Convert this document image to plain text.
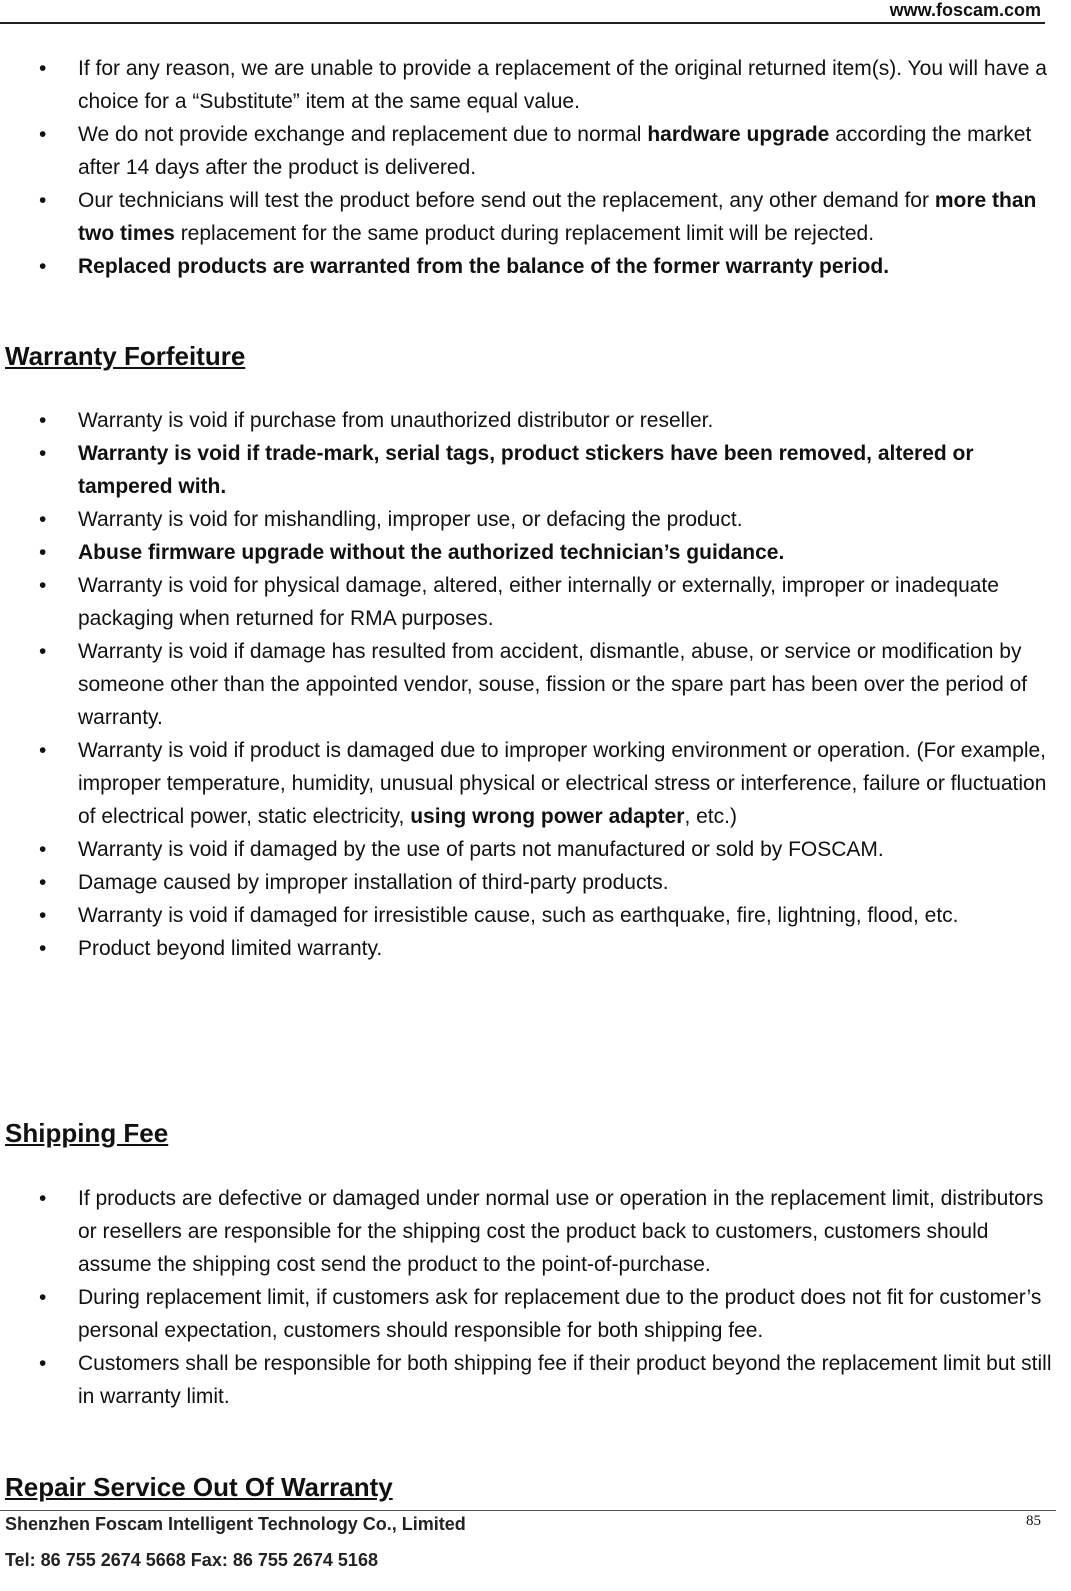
www.foscam.com
• If for any reason, we are unable to provide a replacement of the original returned item(s). You will have a choice for a “Substitute” item at the same equal value.
• We do not provide exchange and replacement due to normal hardware upgrade according the market after 14 days after the product is delivered.
• Our technicians will test the product before send out the replacement, any other demand for more than two times replacement for the same product during replacement limit will be rejected.
• Replaced products are warranted from the balance of the former warranty period.
Warranty Forfeiture
• Warranty is void if purchase from unauthorized distributor or reseller.
• Warranty is void if trade-mark, serial tags, product stickers have been removed, altered or tampered with.
• Warranty is void for mishandling, improper use, or defacing the product.
• Abuse firmware upgrade without the authorized technician’s guidance.
• Warranty is void for physical damage, altered, either internally or externally, improper or inadequate packaging when returned for RMA purposes.
• Warranty is void if damage has resulted from accident, dismantle, abuse, or service or modification by someone other than the appointed vendor, souse, fission or the spare part has been over the period of warranty.
• Warranty is void if product is damaged due to improper working environment or operation. (For example, improper temperature, humidity, unusual physical or electrical stress or interference, failure or fluctuation of electrical power, static electricity, using wrong power adapter, etc.)
• Warranty is void if damaged by the use of parts not manufactured or sold by FOSCAM.
• Damage caused by improper installation of third-party products.
• Warranty is void if damaged for irresistible cause, such as earthquake, fire, lightning, flood, etc.
• Product beyond limited warranty.
Shipping Fee
• If products are defective or damaged under normal use or operation in the replacement limit, distributors or resellers are responsible for the shipping cost the product back to customers, customers should assume the shipping cost send the product to the point-of-purchase.
• During replacement limit, if customers ask for replacement due to the product does not fit for customer’s personal expectation, customers should responsible for both shipping fee.
• Customers shall be responsible for both shipping fee if their product beyond the replacement limit but still in warranty limit.
Repair Service Out Of Warranty
Shenzhen Foscam Intelligent Technology Co., Limited	85
Tel: 86 755 2674 5668 Fax: 86 755 2674 5168
